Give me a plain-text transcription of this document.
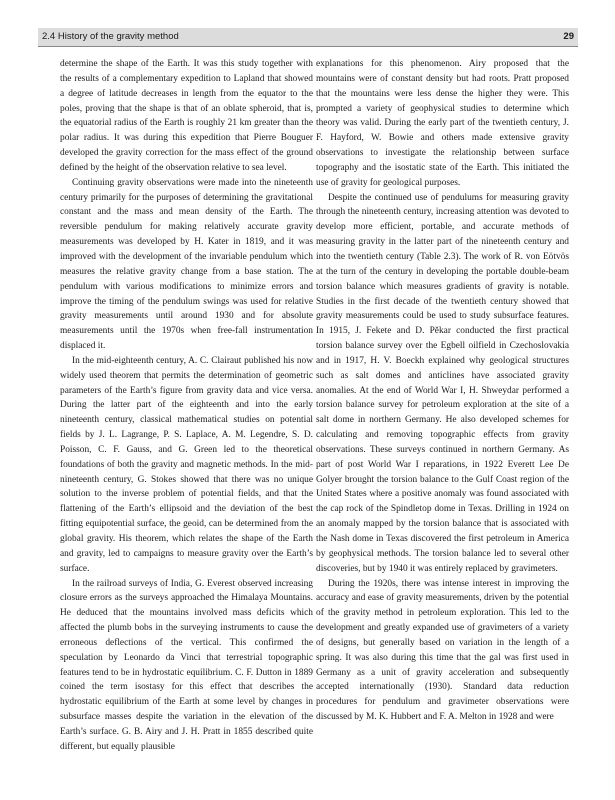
2.4 History of the gravity method	29

determine the shape of the Earth. It was this study together with the results of a complementary expedition to Lapland that showed a degree of latitude decreases in length from the equator to the poles, proving that the shape is that of an oblate spheroid, that is, the equatorial radius of the Earth is roughly 21 km greater than the polar radius. It was during this expedition that Pierre Bouguer developed the gravity correction for the mass effect of the ground defined by the height of the observation relative to sea level.

Continuing gravity observations were made into the nineteenth century primarily for the purposes of determining the gravitational constant and the mass and mean density of the Earth. The reversible pendulum for making relatively accurate gravity measurements was developed by H. Kater in 1819, and it was improved with the development of the invariable pendulum which measures the relative gravity change from a base station. The pendulum with various modifications to minimize errors and improve the timing of the pendulum swings was used for relative gravity measurements until around 1930 and for absolute measurements until the 1970s when free-fall instrumentation displaced it.

In the mid-eighteenth century, A. C. Clairaut published his now widely used theorem that permits the determination of geometric parameters of the Earth’s figure from gravity data and vice versa. During the latter part of the eighteenth and into the early nineteenth century, classical mathematical studies on potential fields by J. L. Lagrange, P. S. Laplace, A. M. Legendre, S. D. Poisson, C. F. Gauss, and G. Green led to the theoretical foundations of both the gravity and magnetic methods. In the mid-nineteenth century, G. Stokes showed that there was no unique solution to the inverse problem of potential fields, and that the flattening of the Earth’s ellipsoid and the deviation of the best fitting equipotential surface, the geoid, can be determined from the global gravity. His theorem, which relates the shape of the Earth and gravity, led to campaigns to measure gravity over the Earth’s surface.

In the railroad surveys of India, G. Everest observed increasing closure errors as the surveys approached the Himalaya Mountains. He deduced that the mountains involved mass deficits which affected the plumb bobs in the surveying instruments to cause the erroneous deflections of the vertical. This confirmed the speculation by Leonardo da Vinci that terrestrial topographic features tend to be in hydrostatic equilibrium. C. F. Dutton in 1889 coined the term isostasy for this effect that describes the hydrostatic equilibrium of the Earth at some level by changes in subsurface masses despite the variation in the elevation of the Earth’s surface. G. B. Airy and J. H. Pratt in 1855 described quite different, but equally plausible

explanations for this phenomenon. Airy proposed that the mountains were of constant density but had roots. Pratt proposed that the mountains were less dense the higher they were. This prompted a variety of geophysical studies to determine which theory was valid. During the early part of the twentieth century, J. F. Hayford, W. Bowie and others made extensive gravity observations to investigate the relationship between surface topography and the isostatic state of the Earth. This initiated the use of gravity for geological purposes.

Despite the continued use of pendulums for measuring gravity through the nineteenth century, increasing attention was devoted to develop more efficient, portable, and accurate methods of measuring gravity in the latter part of the nineteenth century and into the twentieth century (Table 2.3). The work of R. von Eötvös at the turn of the century in developing the portable double-beam torsion balance which measures gradients of gravity is notable. Studies in the first decade of the twentieth century showed that gravity measurements could be used to study subsurface features. In 1915, J. Fekete and D. Pěkar conducted the first practical torsion balance survey over the Egbell oilfield in Czechoslovakia and in 1917, H. V. Boeckh explained why geological structures such as salt domes and anticlines have associated gravity anomalies. At the end of World War I, H. Shweydar performed a torsion balance survey for petroleum exploration at the site of a salt dome in northern Germany. He also developed schemes for calculating and removing topographic effects from gravity observations. These surveys continued in northern Germany. As part of post World War I reparations, in 1922 Everett Lee De Golyer brought the torsion balance to the Gulf Coast region of the United States where a positive anomaly was found associated with the cap rock of the Spindletop dome in Texas. Drilling in 1924 on an anomaly mapped by the torsion balance that is associated with the Nash dome in Texas discovered the first petroleum in America by geophysical methods. The torsion balance led to several other discoveries, but by 1940 it was entirely replaced by gravimeters.

During the 1920s, there was intense interest in improving the accuracy and ease of gravity measurements, driven by the potential of the gravity method in petroleum exploration. This led to the development and greatly expanded use of gravimeters of a variety of designs, but generally based on variation in the length of a spring. It was also during this time that the gal was first used in Germany as a unit of gravity acceleration and subsequently accepted internationally (1930). Standard data reduction procedures for pendulum and gravimeter observations were discussed by M. K. Hubbert and F. A. Melton in 1928 and were
